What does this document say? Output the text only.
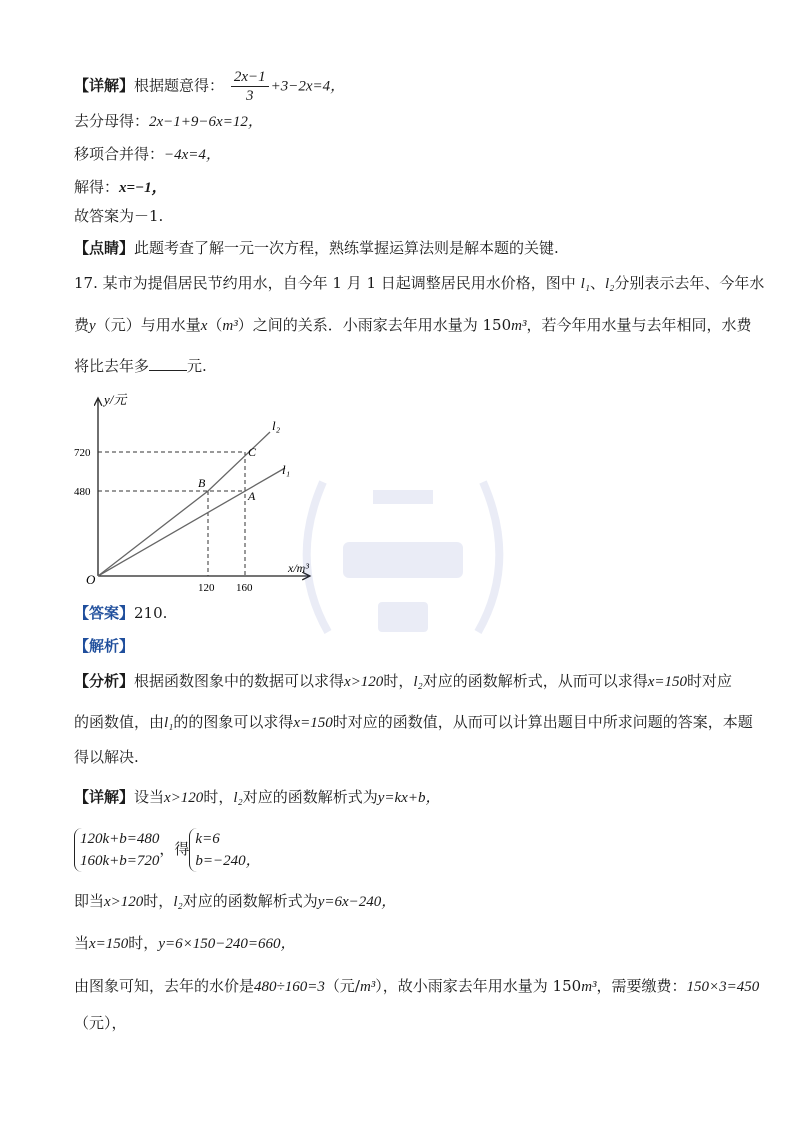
【详解】根据题意得： $\frac{2x-1}{3} +3-2x=4$，
去分母得：2x−1+9−6x=12，
移项合并得：−4x=4，
解得：x=−1，
故答案为－1.
【点睛】此题考查了解一元一次方程，熟练掌握运算法则是解本题的关键.
17. 某市为提倡居民节约用水，自今年 1 月 1 日起调整居民用水价格，图中 l₁、l₂分别表示去年、今年水
费y（元）与用水量x（m³）之间的关系．小雨家去年用水量为 150m³，若今年用水量与去年相同，水费
将比去年多	元.
y/元
x/m³
O
720
480
120 160
l₂
l₁
B
C
A
【答案】210.
【解析】
【分析】根据函数图象中的数据可以求得x>120时，l₂对应的函数解析式，从而可以求得x=150时对应
的函数值，由l₁的的图象可以求得x=150时对应的函数值，从而可以计算出题目中所求问题的答案，本题
得以解决.
【详解】设当x>120时，l₂对应的函数解析式为y=kx+b，
120k+b=480
160k+b=720
，得
k=6
b=−240，
即当x>120时，l₂对应的函数解析式为y=6x−240，
当x=150时，y=6×150−240=660，
由图象可知，去年的水价是480÷160=3（元/m³），故小雨家去年用水量为 150m³，需要缴费：150×3=450
（元），
